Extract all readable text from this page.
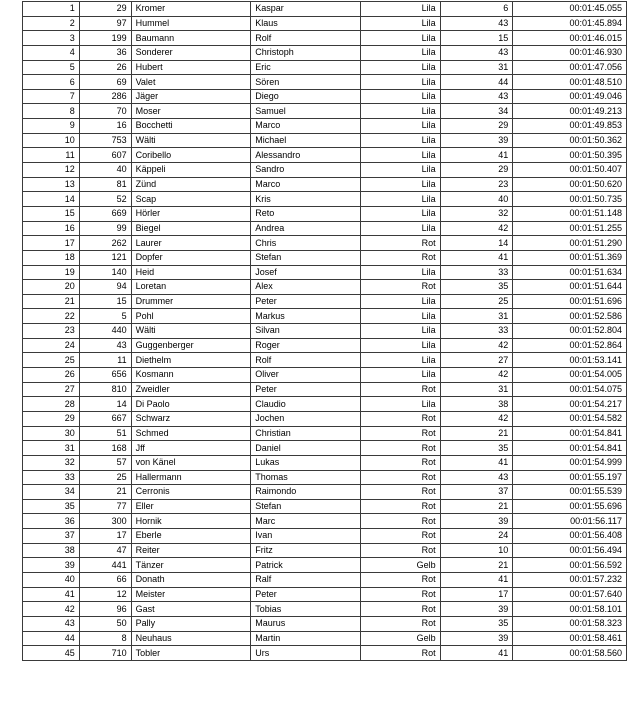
1	29	Kromer	Kaspar	Lila	6	00:01:45.055
2	97	Hummel	Klaus	Lila	43	00:01:45.894
3	199	Baumann	Rolf	Lila	15	00:01:46.015
4	36	Sonderer	Christoph	Lila	43	00:01:46.930
5	26	Hubert	Eric	Lila	31	00:01:47.056
6	69	Valet	Sören	Lila	44	00:01:48.510
7	286	Jäger	Diego	Lila	43	00:01:49.046
8	70	Moser	Samuel	Lila	34	00:01:49.213
9	16	Bocchetti	Marco	Lila	29	00:01:49.853
10	753	Wälti	Michael	Lila	39	00:01:50.362
11	607	Coribello	Alessandro	Lila	41	00:01:50.395
12	40	Käppeli	Sandro	Lila	29	00:01:50.407
13	81	Zünd	Marco	Lila	23	00:01:50.620
14	52	Scap	Kris	Lila	40	00:01:50.735
15	669	Hörler	Reto	Lila	32	00:01:51.148
16	99	Biegel	Andrea	Lila	42	00:01:51.255
17	262	Laurer	Chris	Rot	14	00:01:51.290
18	121	Dopfer	Stefan	Rot	41	00:01:51.369
19	140	Heid	Josef	Lila	33	00:01:51.634
20	94	Loretan	Alex	Rot	35	00:01:51.644
21	15	Drummer	Peter	Lila	25	00:01:51.696
22	5	Pohl	Markus	Lila	31	00:01:52.586
23	440	Wälti	Silvan	Lila	33	00:01:52.804
24	43	Guggenberger	Roger	Lila	42	00:01:52.864
25	11	Diethelm	Rolf	Lila	27	00:01:53.141
26	656	Kosmann	Oliver	Lila	42	00:01:54.005
27	810	Zweidler	Peter	Rot	31	00:01:54.075
28	14	Di Paolo	Claudio	Lila	38	00:01:54.217
29	667	Schwarz	Jochen	Rot	42	00:01:54.582
30	51	Schmed	Christian	Rot	21	00:01:54.841
31	168	Jff	Daniel	Rot	35	00:01:54.841
32	57	von Känel	Lukas	Rot	41	00:01:54.999
33	25	Hallermann	Thomas	Rot	43	00:01:55.197
34	21	Cerronis	Raimondo	Rot	37	00:01:55.539
35	77	Eller	Stefan	Rot	21	00:01:55.696
36	300	Hornik	Marc	Rot	39	00:01:56.117
37	17	Eberle	Ivan	Rot	24	00:01:56.408
38	47	Reiter	Fritz	Rot	10	00:01:56.494
39	441	Tänzer	Patrick	Gelb	21	00:01:56.592
40	66	Donath	Ralf	Rot	41	00:01:57.232
41	12	Meister	Peter	Rot	17	00:01:57.640
42	96	Gast	Tobias	Rot	39	00:01:58.101
43	50	Pally	Maurus	Rot	35	00:01:58.323
44	8	Neuhaus	Martin	Gelb	39	00:01:58.461
45	710	Tobler	Urs	Rot	41	00:01:58.560
